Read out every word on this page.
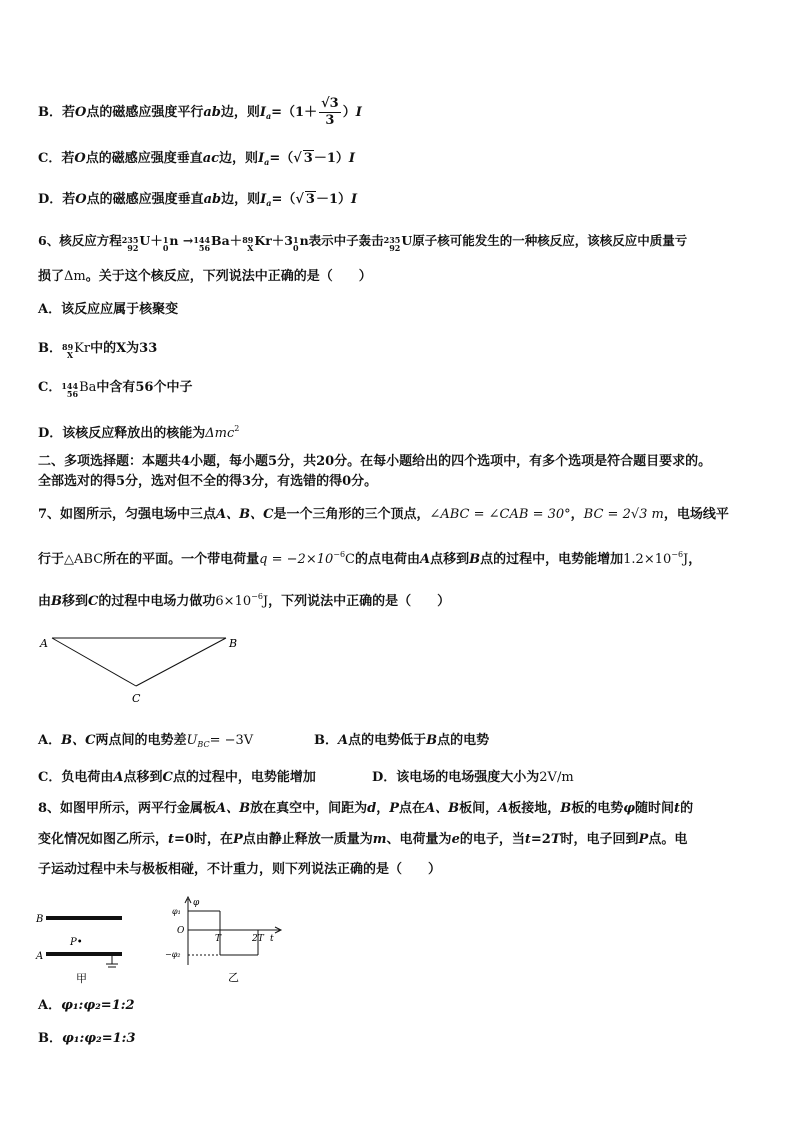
B．若O点的磁感应强度平行ab边，则$I_a=(1+ \frac{√3}{3} )I$
C．若O点的磁感应强度垂直ac边，则$I_a=(√$ 3－1）I
D．若O点的磁感应强度垂直ab边，则$I_a=(√$ 3－1）I
6、核反应方程 235
92 U＋ 1
0 n → 144
56 Ba＋ 89
X Kr＋3 1
0 n表示中子轰击 235
92 U原子核可能发生的一种核反应，该核反应中质量亏
损了Δm。关于这个核反应，下列说法中正确的是（　　）
A．该反应应属于核聚变
B． 89
X Kr中的X为33
C． 144
56 Ba中含有56个中子
D．该核反应释放出的核能为Δmc$^2$
二、多项选择题：本题共4小题，每小题5分，共20分。在每小题给出的四个选项中，有多个选项是符合题目要求的。
全部选对的得5分，选对但不全的得3分，有选错的得0分。
7、如图所示，匀强电场中三点A、B、C是一个三角形的三个顶点，∠ABC = ∠CAB = 30°，BC = 2√3 m，电场线平
行于△ABC所在的平面。一个带电荷量$q = -2\times 10^{-6}C$的点电荷由A点移到B点的过程中，电势能增加$1.2\times 10^{-6}J$，
由B移到C的过程中电场力做功$6\times 10^{-6}J$，下列说法中正确的是（　　）
A	B
C
A．B、C两点间的电势差$U_{BC}= -3V$	B．A点的电势低于B点的电势
C．负电荷由A点移到C点的过程中，电势能增加	D．该电场的电场强度大小为2V/m
8、如图甲所示，两平行金属板A、B放在真空中，间距为d，P点在A、B板间，A板接地，B板的电势φ随时间t的
变化情况如图乙所示，t=0时，在P点由静止释放一质量为m、电荷量为e的电子，当t=2T时，电子回到P点。电
子运动过程中未与极板相碰，不计重力，则下列说法正确的是（　　）
B
P•
A
甲
φ
t
φ₁
O
−φ₂
T	2T
乙
A．φ₁:φ₂=1:2
B．φ₁:φ₂=1:3
